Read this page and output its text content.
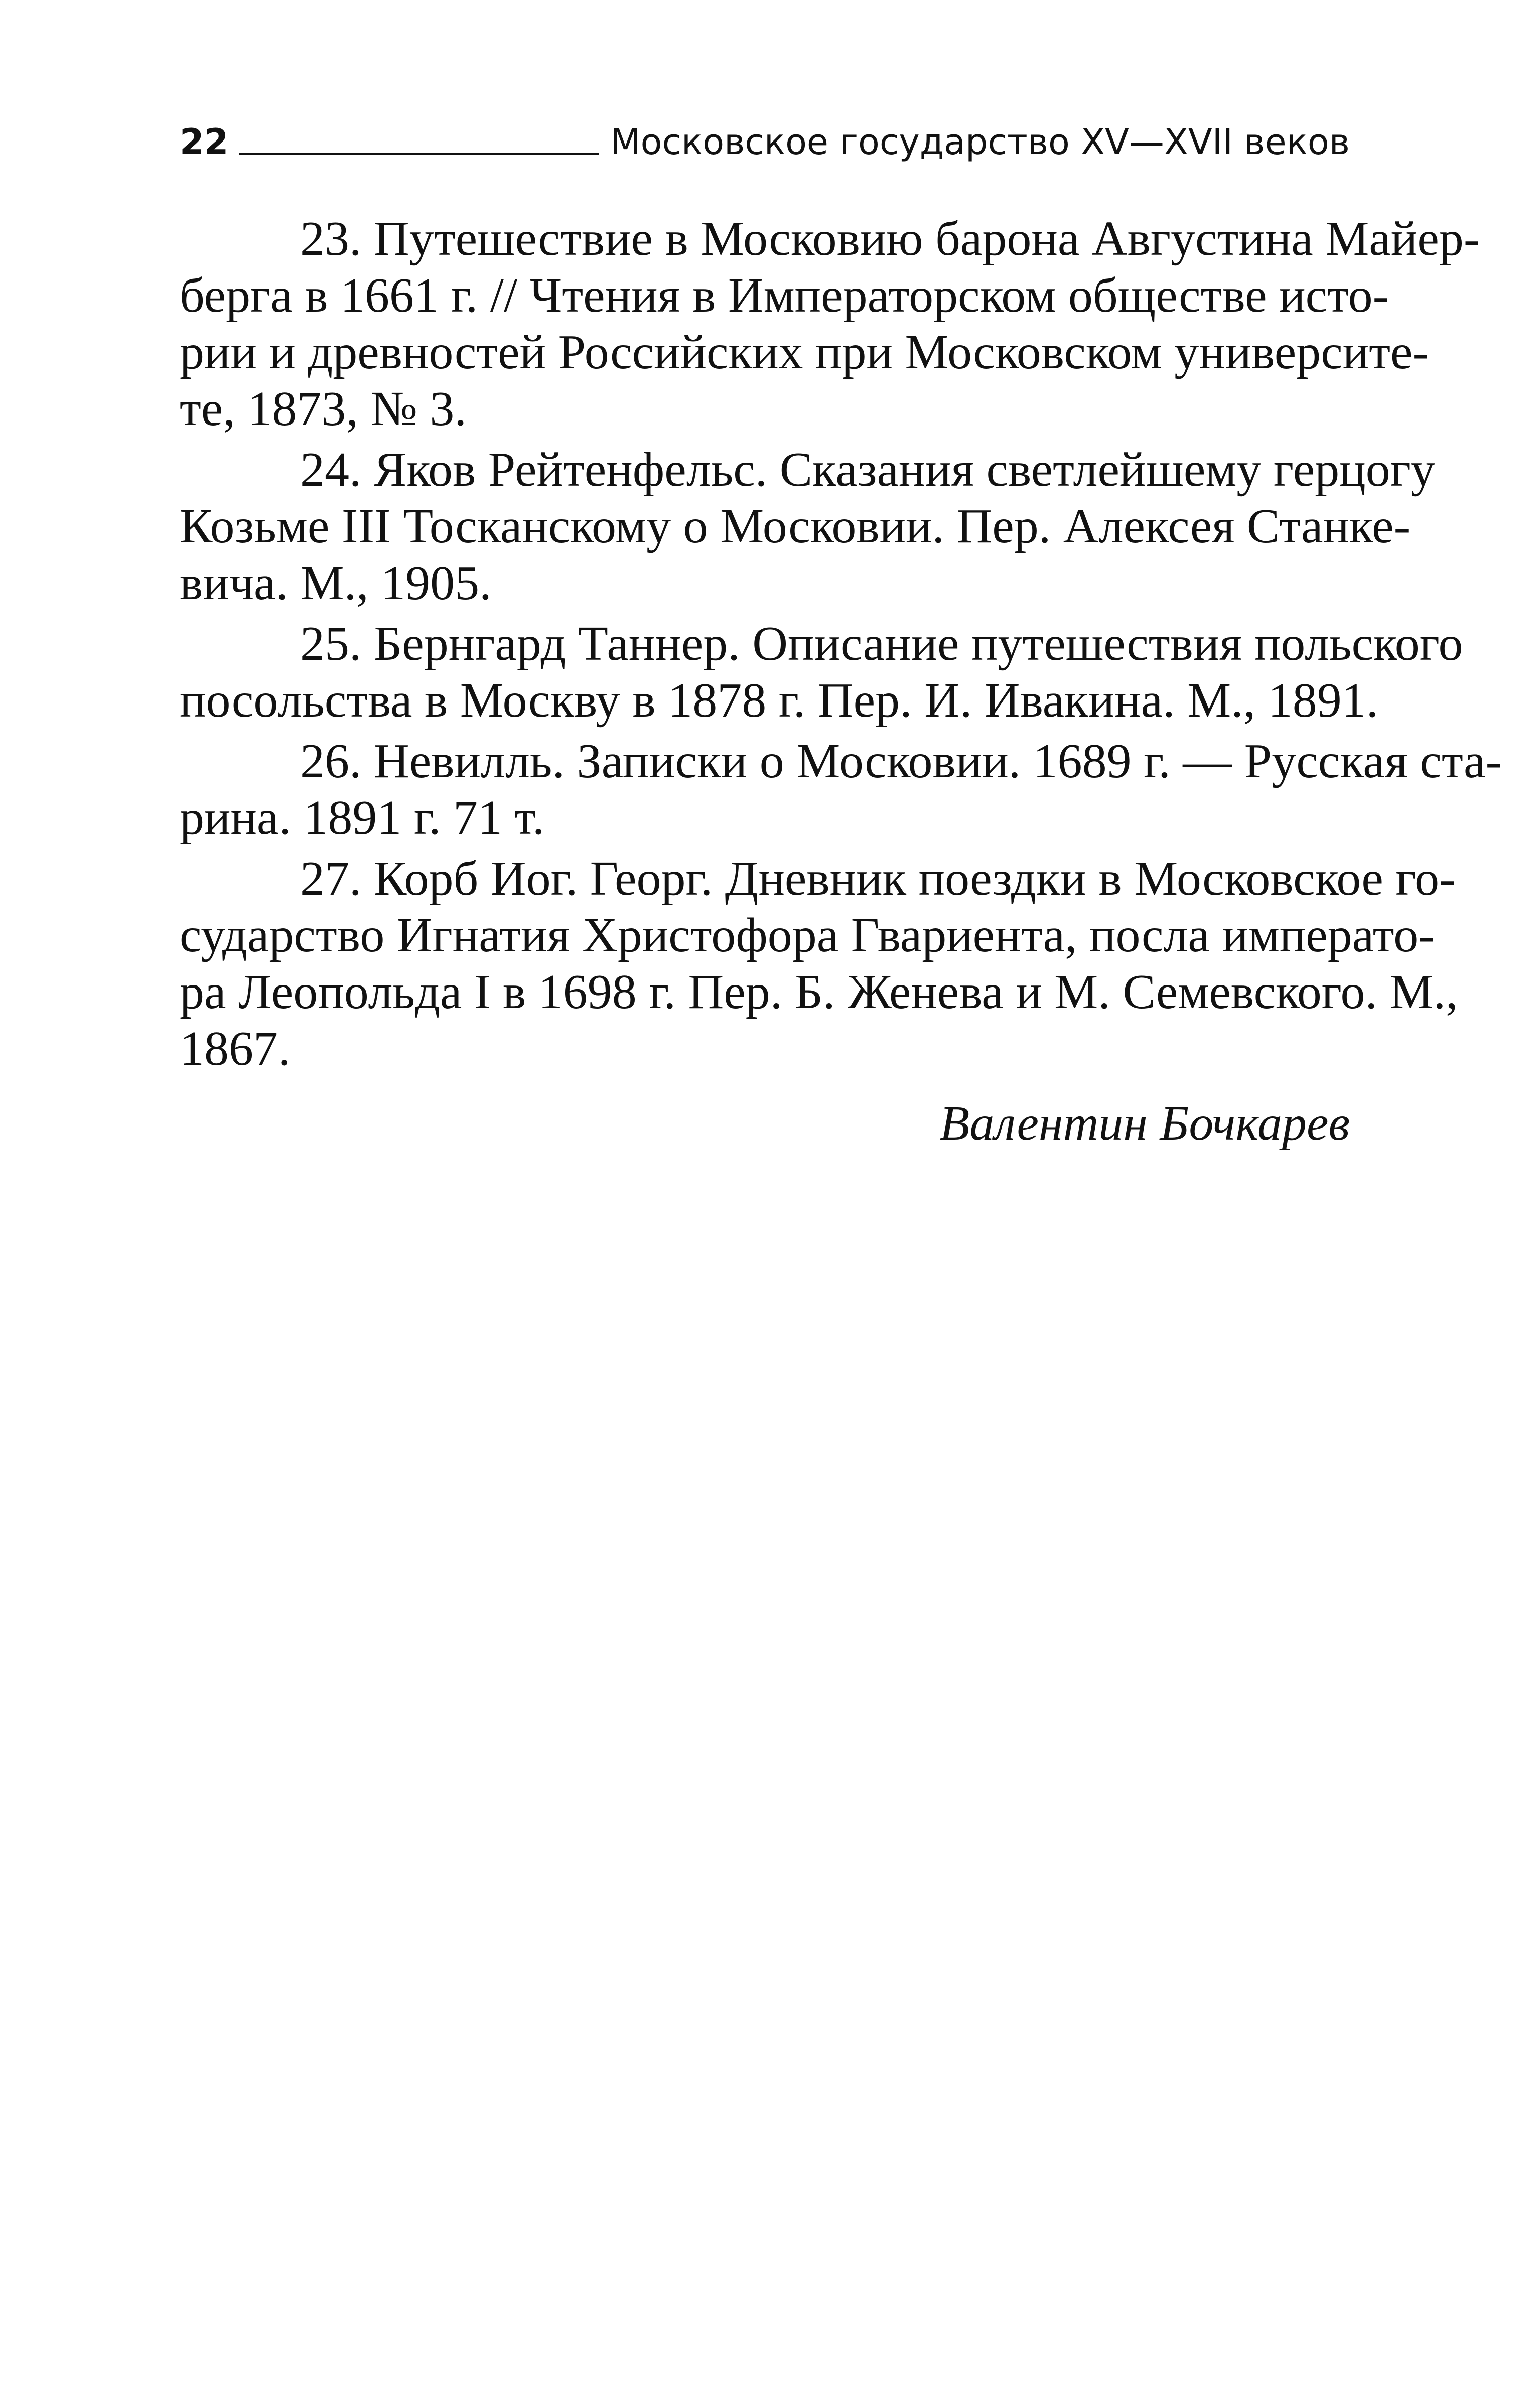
22	Московское государство XV—XVII веков
23. Путешествие в Московию барона Августина Майер-
берга в 1661 г. // Чтения в Императорском обществе исто-
рии и древностей Российских при Московском университе-
те, 1873, № 3.
24. Яков Рейтенфельс. Сказания светлейшему герцогу
Козьме III Тосканскому о Московии. Пер. Алексея Станке-
вича. М., 1905.
25. Бернгард Таннер. Описание путешествия польского
посольства в Москву в 1878 г. Пер. И. Ивакина. М., 1891.
26. Невилль. Записки о Московии. 1689 г. — Русская ста-
рина. 1891 г. 71 т.
27. Корб Иог. Георг. Дневник поездки в Московское го-
сударство Игнатия Христофора Гвариента, посла императо-
ра Леопольда I в 1698 г. Пер. Б. Женева и М. Семевского. М.,
1867.
Валентин Бочкарев
